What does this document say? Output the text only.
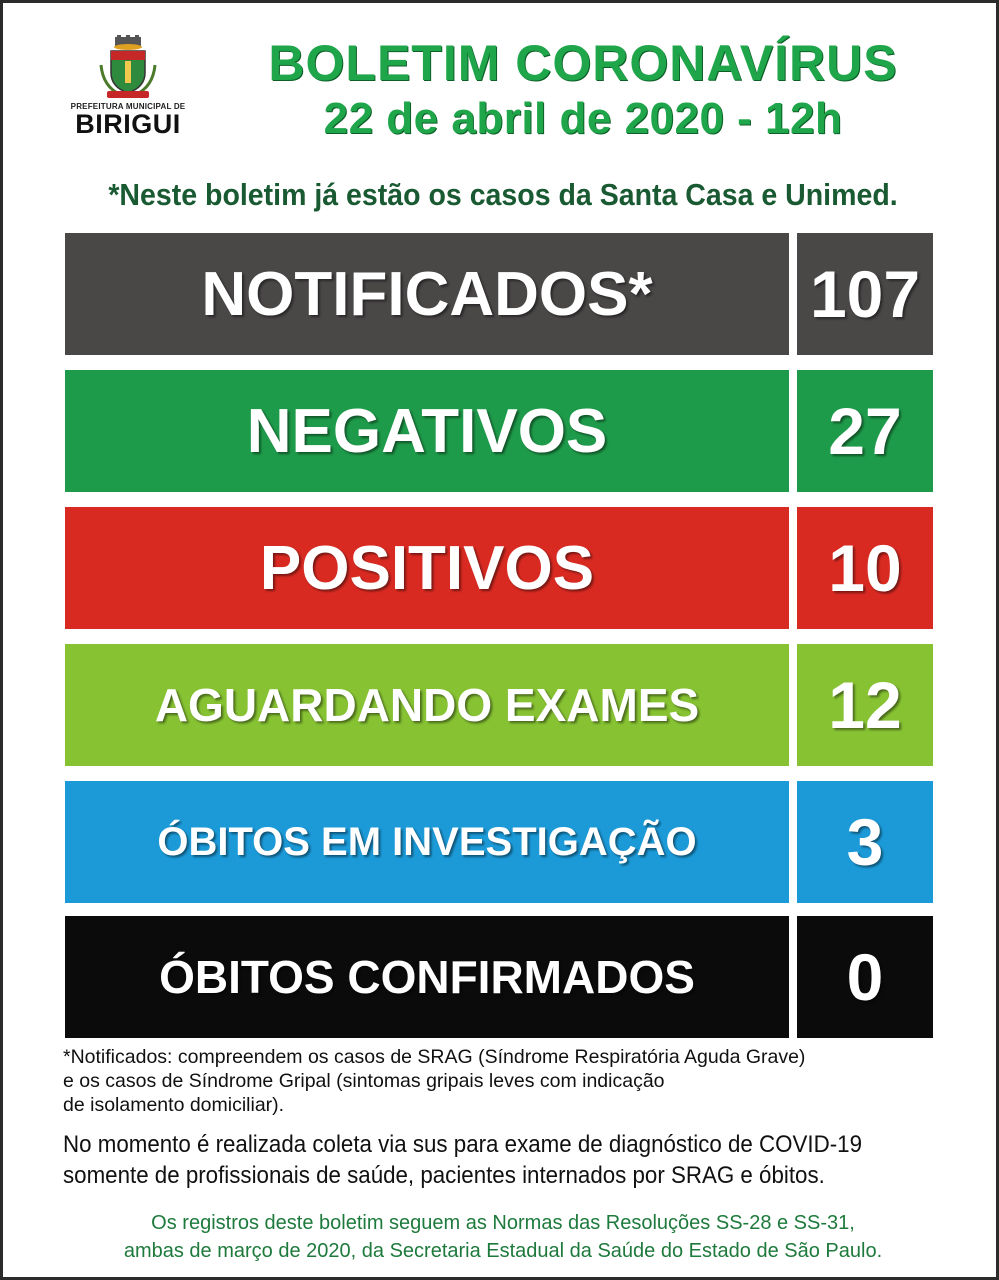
PREFEITURA MUNICIPAL DE
BIRIGUI
BOLETIM CORONAVÍRUS
22 de abril de 2020 - 12h
*Neste boletim já estão os casos da Santa Casa e Unimed.
NOTIFICADOS*	107
NEGATIVOS	27
POSITIVOS	10
AGUARDANDO EXAMES	12
ÓBITOS EM INVESTIGAÇÃO	3
ÓBITOS CONFIRMADOS	0
*Notificados: compreendem os casos de SRAG (Síndrome Respiratória Aguda Grave)
e os casos de Síndrome Gripal (sintomas gripais leves com indicação
de isolamento domiciliar).
No momento é realizada coleta via sus para exame de diagnóstico de COVID-19
somente de profissionais de saúde, pacientes internados por SRAG e óbitos.
Os registros deste boletim seguem as Normas das Resoluções SS-28 e SS-31,
ambas de março de 2020, da Secretaria Estadual da Saúde do Estado de São Paulo.
